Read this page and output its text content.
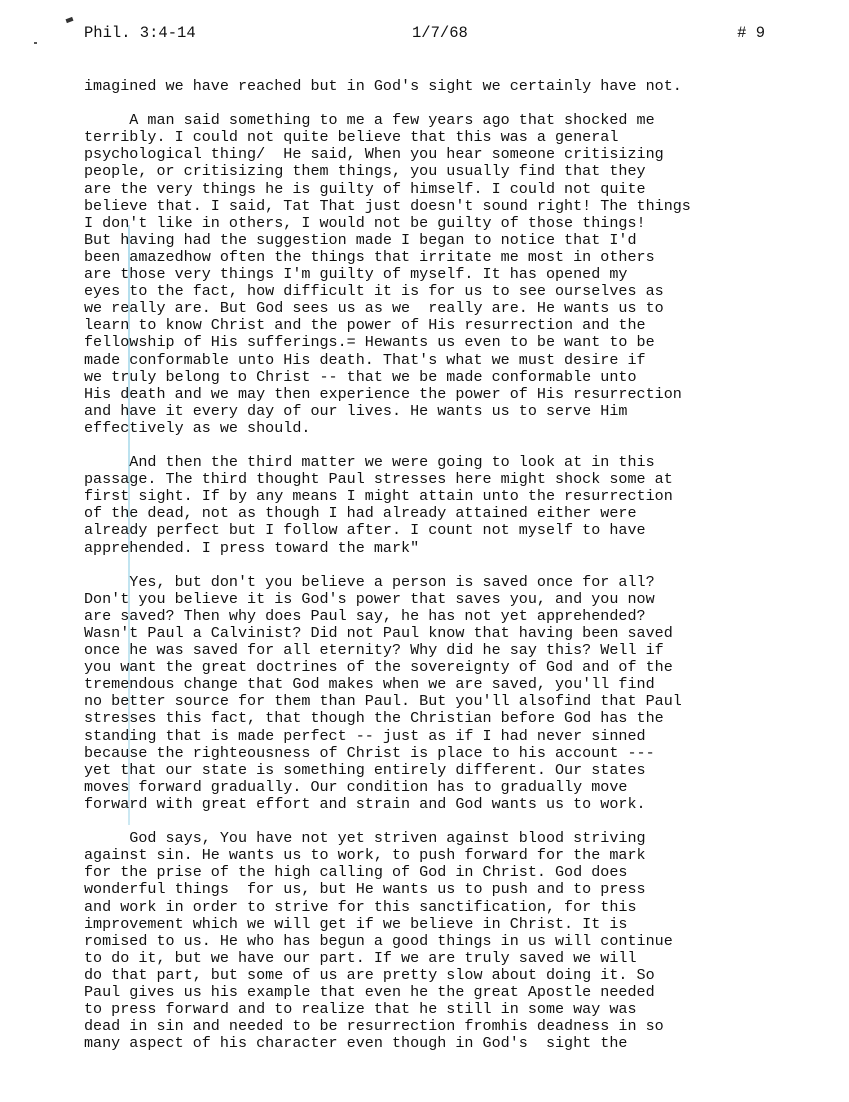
Phil. 3:4-14	1/7/68	# 9
imagined we have reached but in God's sight we certainly have not.
A man said something to me a few years ago that shocked me
terribly. I could not quite believe that this was a general
psychological thing/  He said, When you hear someone critisizing
people, or critisizing them things, you usually find that they
are the very things he is guilty of himself. I could not quite
believe that. I said, Tat That just doesn't sound right! The things
I don't like in others, I would not be guilty of those things!
But having had the suggestion made I began to notice that I'd
been amazedhow often the things that irritate me most in others
are those very things I'm guilty of myself. It has opened my
eyes to the fact, how difficult it is for us to see ourselves as
we really are. But God sees us as we  really are. He wants us to
learn to know Christ and the power of His resurrection and the
fellowship of His sufferings.= Hewants us even to be want to be
made conformable unto His death. That's what we must desire if
we truly belong to Christ -- that we be made conformable unto
His death and we may then experience the power of His resurrection
and have it every day of our lives. He wants us to serve Him
effectively as we should.
And then the third matter we were going to look at in this
passage. The third thought Paul stresses here might shock some at
first sight. If by any means I might attain unto the resurrection
of the dead, not as though I had already attained either were
already perfect but I follow after. I count not myself to have
apprehended. I press toward the mark"
Yes, but don't you believe a person is saved once for all?
Don't you believe it is God's power that saves you, and you now
are saved? Then why does Paul say, he has not yet apprehended?
Wasn't Paul a Calvinist? Did not Paul know that having been saved
once he was saved for all eternity? Why did he say this? Well if
you want the great doctrines of the sovereignty of God and of the
tremendous change that God makes when we are saved, you'll find
no better source for them than Paul. But you'll alsofind that Paul
stresses this fact, that though the Christian before God has the
standing that is made perfect -- just as if I had never sinned
because the righteousness of Christ is place to his account ---
yet that our state is something entirely different. Our states
moves forward gradually. Our condition has to gradually move
forward with great effort and strain and God wants us to work.
God says, You have not yet striven against blood striving
against sin. He wants us to work, to push forward for the mark
for the prise of the high calling of God in Christ. God does
wonderful things  for us, but He wants us to push and to press
and work in order to strive for this sanctification, for this
improvement which we will get if we believe in Christ. It is
romised to us. He who has begun a good things in us will continue
to do it, but we have our part. If we are truly saved we will
do that part, but some of us are pretty slow about doing it. So
Paul gives us his example that even he the great Apostle needed
to press forward and to realize that he still in some way was
dead in sin and needed to be resurrection fromhis deadness in so
many aspect of his character even though in God's  sight the
